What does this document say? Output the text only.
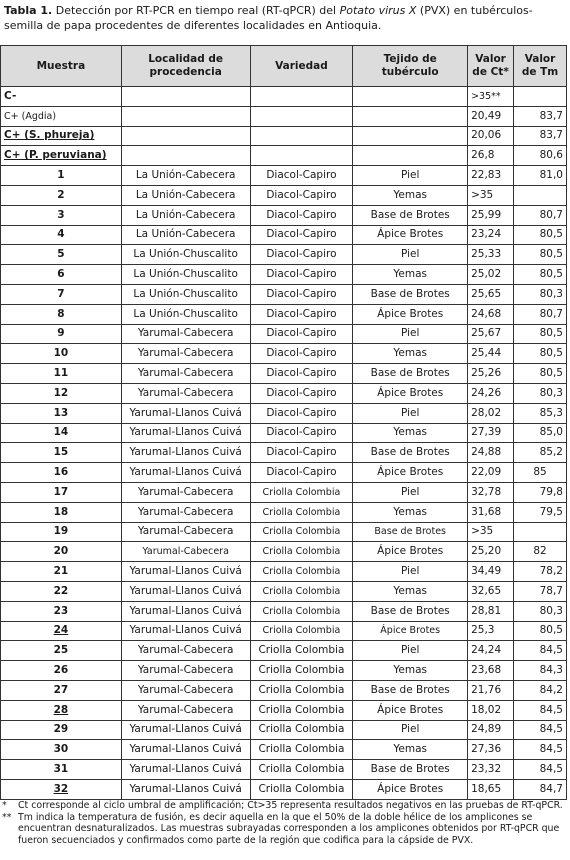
Tabla 1. Detección por RT-PCR en tiempo real (RT-qPCR) del Potato virus X (PVX) en tubérculos-semilla de papa procedentes de diferentes localidades en Antioquia.
Muestra	Localidad de procedencia	Variedad	Tejido de tubérculo	Valor de Ct*	Valor de Tm
C-				>35**	
C+ (Agdia)				20,49	83,7
C+ (S. phureja)				20,06	83,7
C+ (P. peruviana)				26,8	80,6
1	La Unión-Cabecera	Diacol-Capiro	Piel	22,83	81,0
2	La Unión-Cabecera	Diacol-Capiro	Yemas	>35	
3	La Unión-Cabecera	Diacol-Capiro	Base de Brotes	25,99	80,7
4	La Unión-Cabecera	Diacol-Capiro	Ápice Brotes	23,24	80,5
5	La Unión-Chuscalito	Diacol-Capiro	Piel	25,33	80,5
6	La Unión-Chuscalito	Diacol-Capiro	Yemas	25,02	80,5
7	La Unión-Chuscalito	Diacol-Capiro	Base de Brotes	25,65	80,3
8	La Unión-Chuscalito	Diacol-Capiro	Ápice Brotes	24,68	80,7
9	Yarumal-Cabecera	Diacol-Capiro	Piel	25,67	80,5
10	Yarumal-Cabecera	Diacol-Capiro	Yemas	25,44	80,5
11	Yarumal-Cabecera	Diacol-Capiro	Base de Brotes	25,26	80,5
12	Yarumal-Cabecera	Diacol-Capiro	Ápice Brotes	24,26	80,3
13	Yarumal-Llanos Cuivá	Diacol-Capiro	Piel	28,02	85,3
14	Yarumal-Llanos Cuivá	Diacol-Capiro	Yemas	27,39	85,0
15	Yarumal-Llanos Cuivá	Diacol-Capiro	Base de Brotes	24,88	85,2
16	Yarumal-Llanos Cuivá	Diacol-Capiro	Ápice Brotes	22,09	85
17	Yarumal-Cabecera	Criolla Colombia	Piel	32,78	79,8
18	Yarumal-Cabecera	Criolla Colombia	Yemas	31,68	79,5
19	Yarumal-Cabecera	Criolla Colombia	Base de Brotes	>35	
20	Yarumal-Cabecera	Criolla Colombia	Ápice Brotes	25,20	82
21	Yarumal-Llanos Cuivá	Criolla Colombia	Piel	34,49	78,2
22	Yarumal-Llanos Cuivá	Criolla Colombia	Yemas	32,65	78,7
23	Yarumal-Llanos Cuivá	Criolla Colombia	Base de Brotes	28,81	80,3
24	Yarumal-Llanos Cuivá	Criolla Colombia	Ápice Brotes	25,3	80,5
25	Yarumal-Cabecera	Criolla Colombia	Piel	24,24	84,5
26	Yarumal-Cabecera	Criolla Colombia	Yemas	23,68	84,3
27	Yarumal-Cabecera	Criolla Colombia	Base de Brotes	21,76	84,2
28	Yarumal-Cabecera	Criolla Colombia	Ápice Brotes	18,02	84,5
29	Yarumal-Llanos Cuivá	Criolla Colombia	Piel	24,89	84,5
30	Yarumal-Llanos Cuivá	Criolla Colombia	Yemas	27,36	84,5
31	Yarumal-Llanos Cuivá	Criolla Colombia	Base de Brotes	23,32	84,5
32	Yarumal-Llanos Cuivá	Criolla Colombia	Ápice Brotes	18,65	84,7
* Ct corresponde al ciclo umbral de amplificación; Ct>35 representa resultados negativos en las pruebas de RT-qPCR.
** Tm indica la temperatura de fusión, es decir aquella en la que el 50% de la doble hélice de los amplicones se encuentran desnaturalizados. Las muestras subrayadas corresponden a los amplicones obtenidos por RT-qPCR que fueron secuenciados y confirmados como parte de la región que codifica para la cápside de PVX.
